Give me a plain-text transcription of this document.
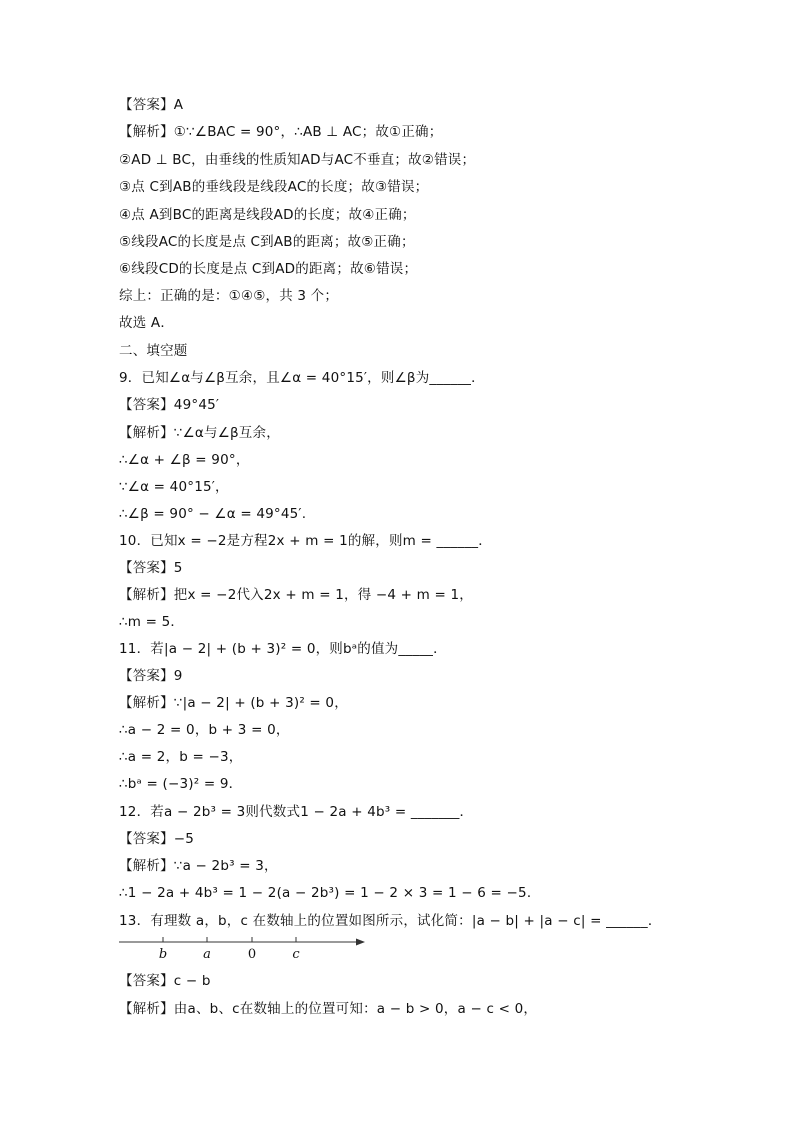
【答案】A
【解析】①∵∠BAC = 90°，∴AB ⊥ AC；故①正确；
②AD ⊥ BC，由垂线的性质知AD与AC不垂直；故②错误；
③点 C到AB的垂线段是线段AC的长度；故③错误；
④点 A到BC的距离是线段AD的长度；故④正确；
⑤线段AC的长度是点 C到AB的距离；故⑤正确；
⑥线段CD的长度是点 C到AD的距离；故⑥错误；
综上：正确的是：①④⑤，共 3 个；
故选 A．
二、填空题
9．已知∠α与∠β互余，且∠α = 40°15′，则∠β为______．
【答案】49°45′
【解析】∵∠α与∠β互余，
∴∠α + ∠β = 90°，
∵∠α = 40°15′，
∴∠β = 90° − ∠α = 49°45′.
10．已知x = −2是方程2x + m = 1的解，则m = ______．
【答案】5
【解析】把x = −2代入2x + m = 1，得 −4 + m = 1，
∴m = 5．
11．若|a − 2| + (b + 3)² = 0，则bᵃ的值为_____．
【答案】9
【解析】∵|a − 2| + (b + 3)² = 0，
∴a − 2 = 0，b + 3 = 0，
∴a = 2，b = −3，
∴bᵃ = (−3)² = 9．
12．若a − 2b³ = 3则代数式1 − 2a + 4b³ = _______．
【答案】−5
【解析】∵a − 2b³ = 3，
∴1 − 2a + 4b³ = 1 − 2(a − 2b³) = 1 − 2 × 3 = 1 − 6 = −5．
13．有理数 a，b，c 在数轴上的位置如图所示，试化简：|a − b| + |a − c| = ______．
b	a	0	c
【答案】c − b
【解析】由a、b、c在数轴上的位置可知：a − b > 0，a − c < 0，
